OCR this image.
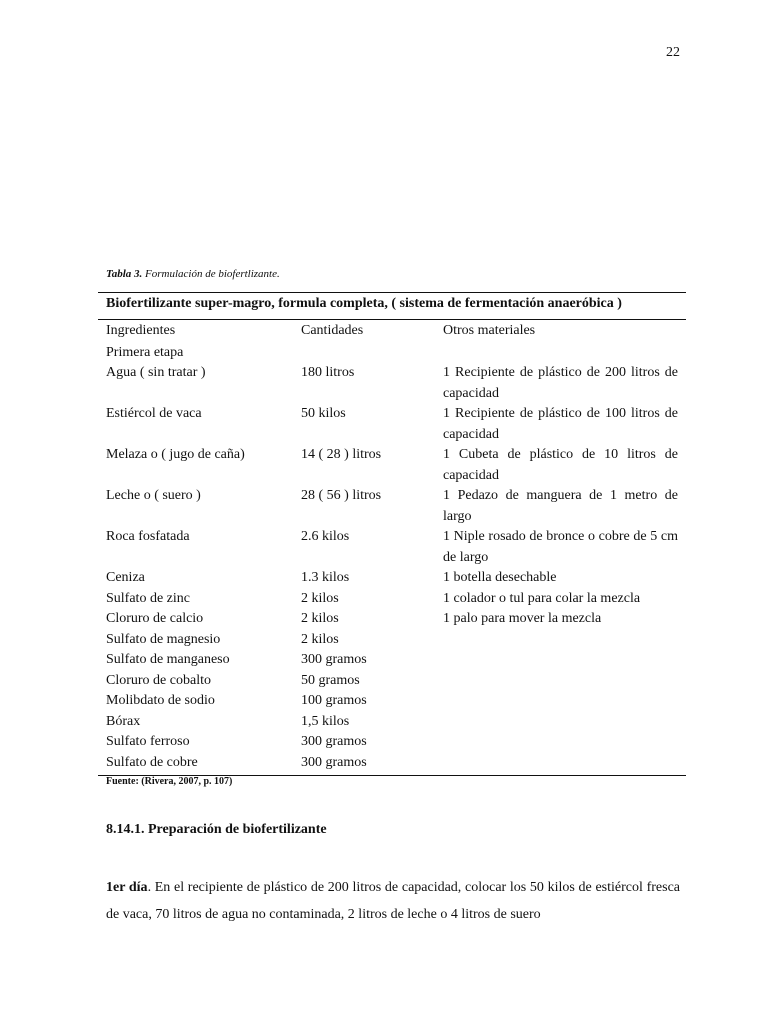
22
Tabla 3. Formulación de biofertlizante.
Biofertilizante super-magro, formula completa, ( sistema de fermentación anaeróbica )
Ingredientes	Cantidades	Otros materiales
Primera etapa
Agua ( sin tratar )	180 litros	1 Recipiente de plástico de 200 litros de capacidad
Estiércol de vaca	50 kilos	1 Recipiente de plástico de 100 litros de capacidad
Melaza o ( jugo de caña)	14 ( 28 ) litros	1 Cubeta de plástico de 10 litros de capacidad
Leche o ( suero )	28 ( 56 ) litros	1 Pedazo de manguera de 1 metro de largo
Roca fosfatada	2.6 kilos	1 Niple rosado de bronce o cobre de 5 cm de largo
Ceniza	1.3 kilos	1 botella desechable
Sulfato de zinc	2 kilos	1 colador o tul para colar la mezcla
Cloruro de calcio	2 kilos	1 palo para mover la mezcla
Sulfato de magnesio	2 kilos
Sulfato de manganeso	300 gramos
Cloruro de cobalto	50 gramos
Molibdato de sodio	100 gramos
Bórax	1,5 kilos
Sulfato ferroso	300 gramos
Sulfato de cobre	300 gramos
Fuente: (Rivera, 2007, p. 107)
8.14.1. Preparación de biofertilizante
1er día. En el recipiente de plástico de 200 litros de capacidad, colocar los 50 kilos de estiércol fresca de vaca, 70 litros de agua no contaminada, 2 litros de leche o 4 litros de suero
